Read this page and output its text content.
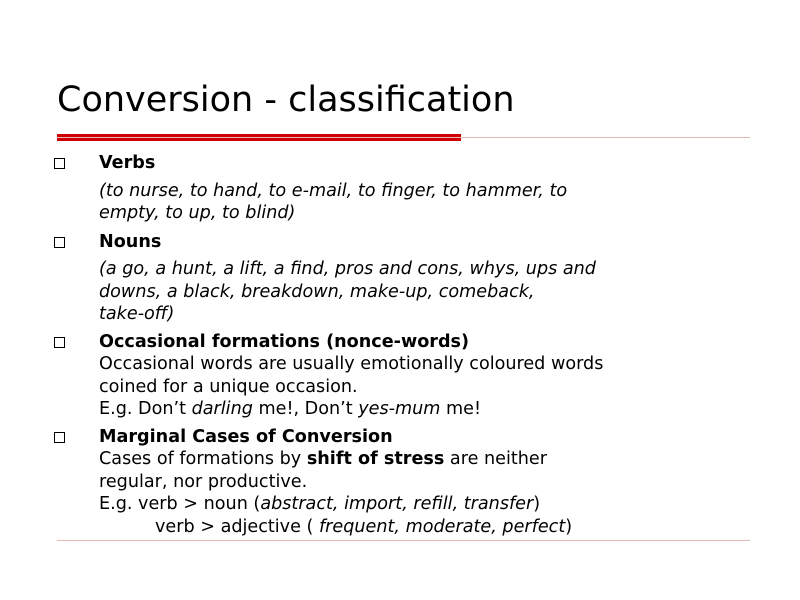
Conversion - classification
Verbs
(to nurse, to hand, to e-mail, to finger, to hammer, to
empty, to up, to blind)
Nouns
(a go, a hunt, a lift, a find, pros and cons, whys, ups and
downs, a black, breakdown, make-up, comeback,
take-off)
Occasional formations (nonce-words)
Occasional words are usually emotionally coloured words
coined for a unique occasion.
E.g. Don’t darling me!, Don’t yes-mum me!
Marginal Cases of Conversion
Cases of formations by shift of stress are neither
regular, nor productive.
E.g. verb > noun (abstract, import, refill, transfer)
verb > adjective ( frequent, moderate, perfect)
